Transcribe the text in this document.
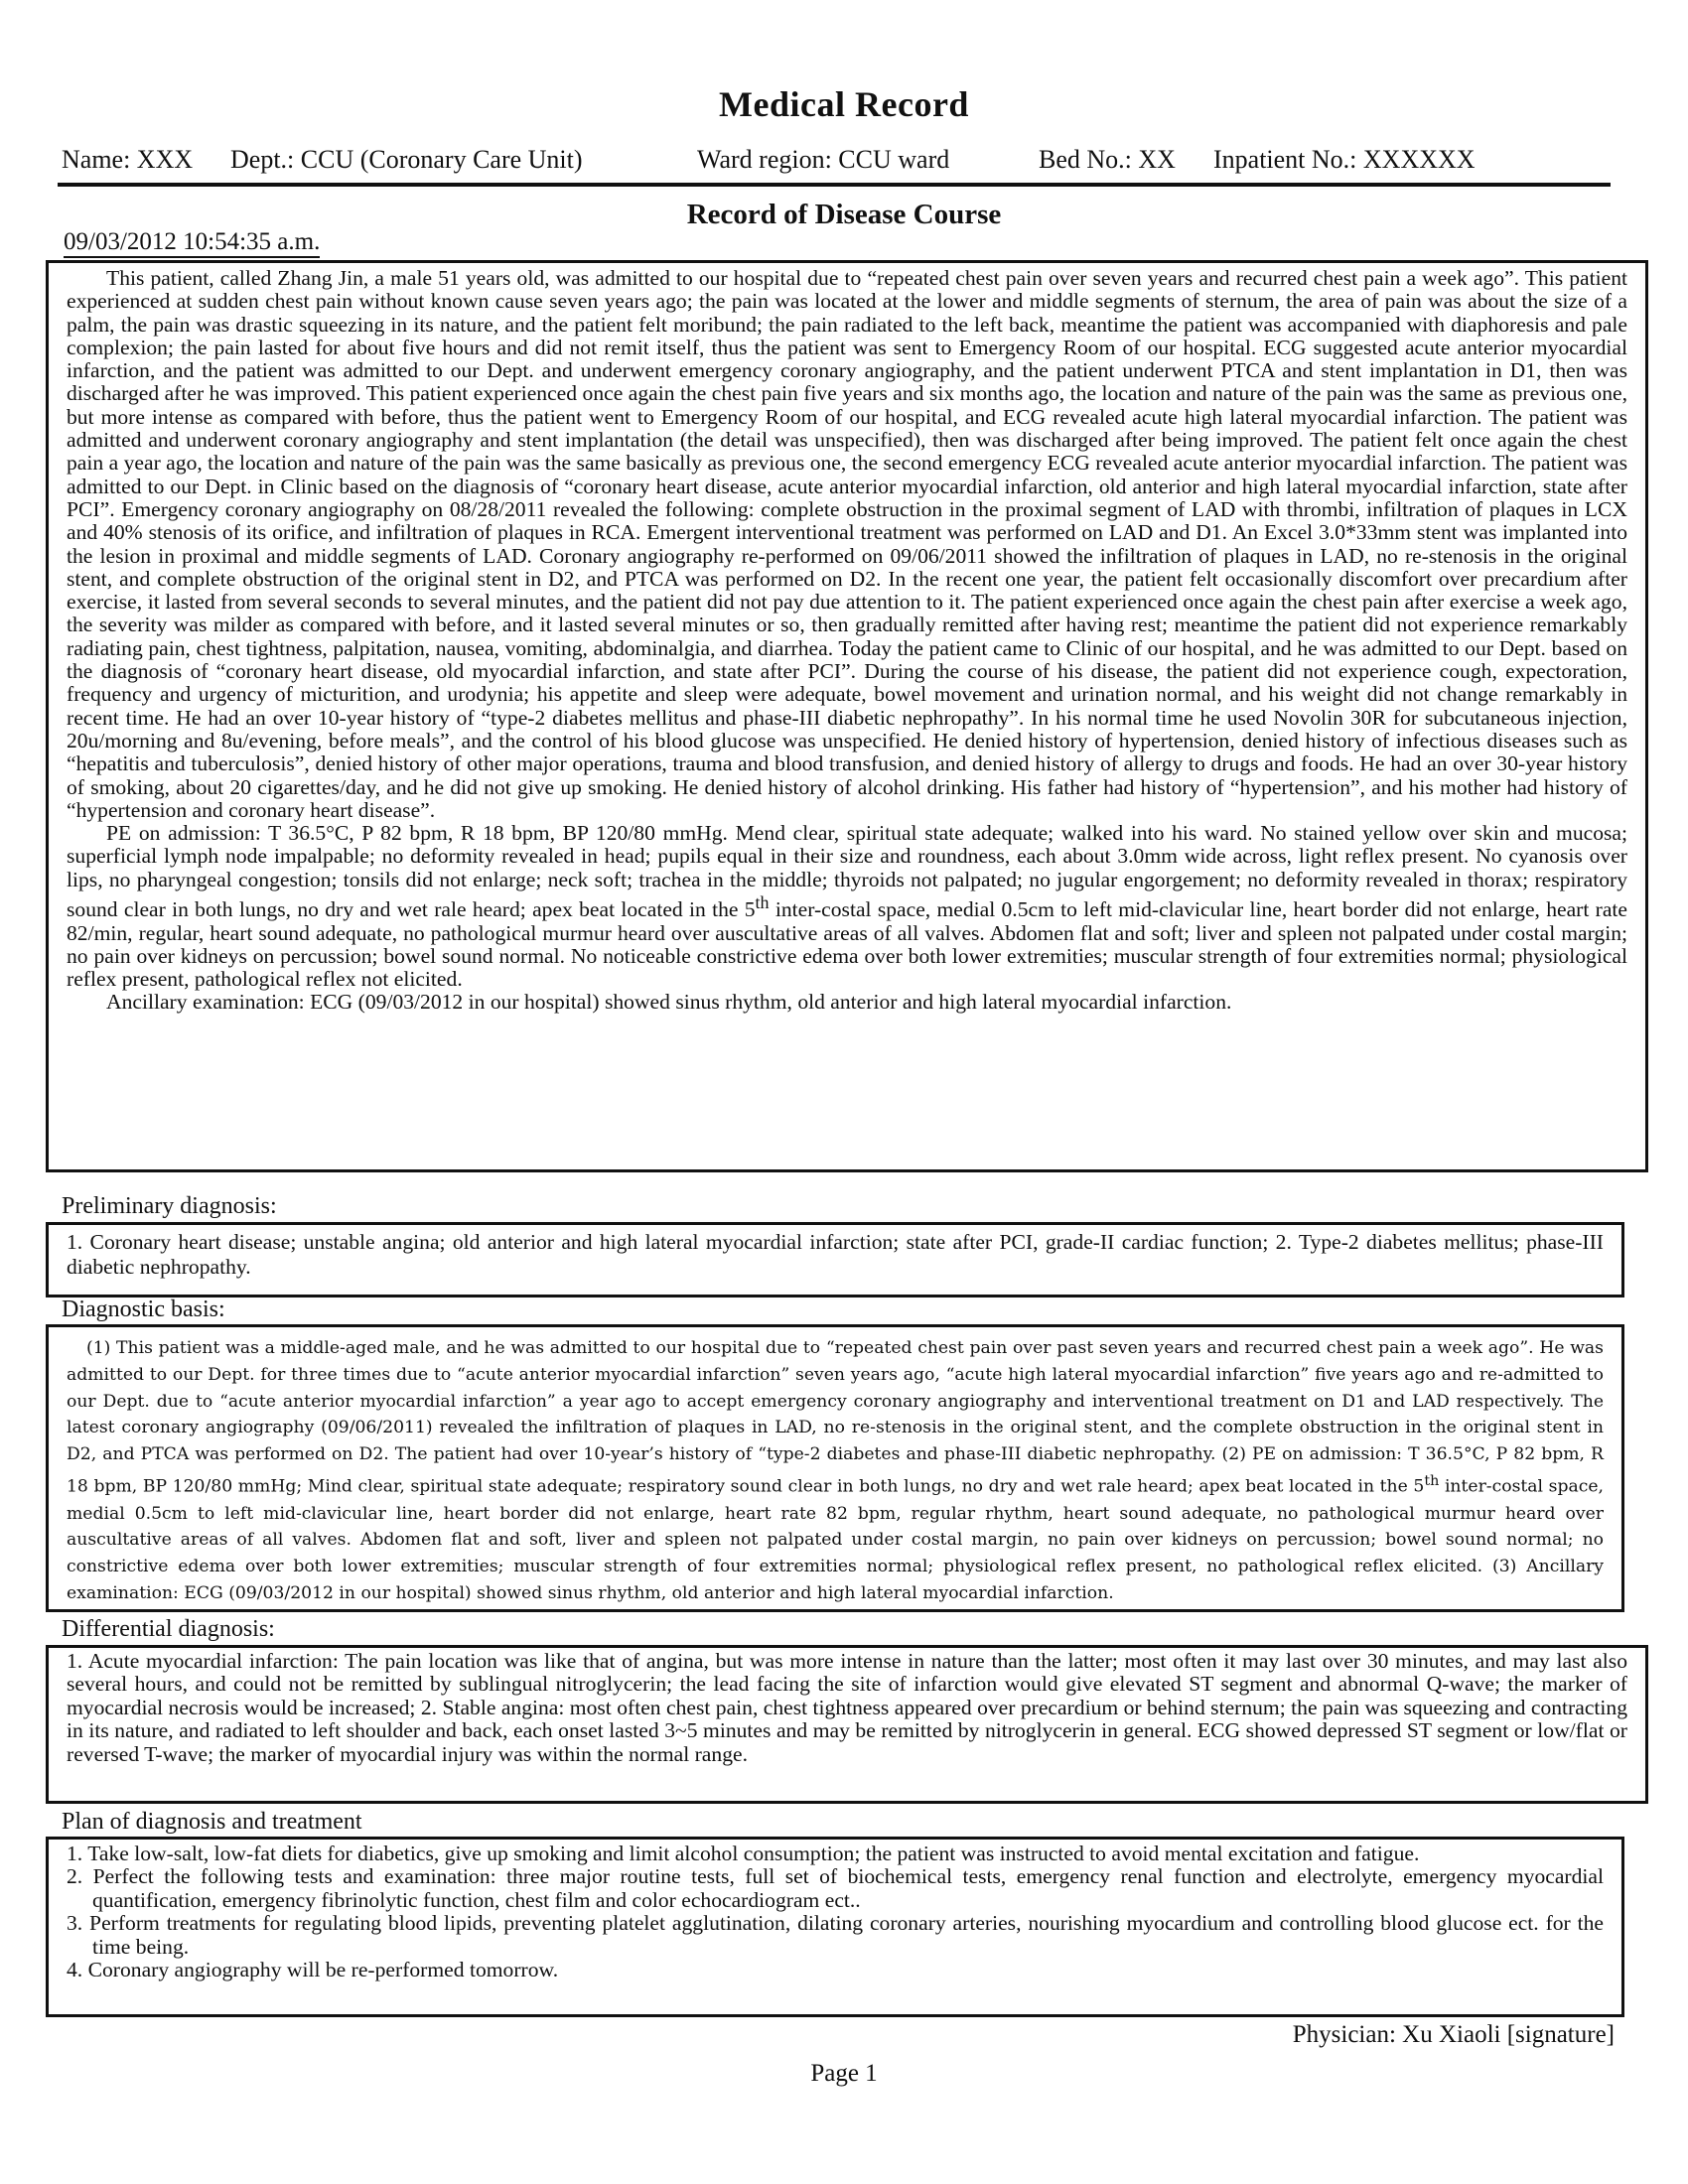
Medical Record
Name: XXX Dept.: CCU (Coronary Care Unit)	Ward region: CCU ward	Bed No.: XX Inpatient No.: XXXXXX
Record of Disease Course
09/03/2012 10:54:35 a.m.

This patient, called Zhang Jin, a male 51 years old, was admitted to our hospital due to “repeated chest pain over seven years and recurred chest pain a week ago”. This patient experienced at sudden chest pain without known cause seven years ago; the pain was located at the lower and middle segments of sternum, the area of pain was about the size of a palm, the pain was drastic squeezing in its nature, and the patient felt moribund; the pain radiated to the left back, meantime the patient was accompanied with diaphoresis and pale complexion; the pain lasted for about five hours and did not remit itself, thus the patient was sent to Emergency Room of our hospital. ECG suggested acute anterior myocardial infarction, and the patient was admitted to our Dept. and underwent emergency coronary angiography, and the patient underwent PTCA and stent implantation in D1, then was discharged after he was improved. This patient experienced once again the chest pain five years and six months ago, the location and nature of the pain was the same as previous one, but more intense as compared with before, thus the patient went to Emergency Room of our hospital, and ECG revealed acute high lateral myocardial infarction. The patient was admitted and underwent coronary angiography and stent implantation (the detail was unspecified), then was discharged after being improved. The patient felt once again the chest pain a year ago, the location and nature of the pain was the same basically as previous one, the second emergency ECG revealed acute anterior myocardial infarction. The patient was admitted to our Dept. in Clinic based on the diagnosis of “coronary heart disease, acute anterior myocardial infarction, old anterior and high lateral myocardial infarction, state after PCI”. Emergency coronary angiography on 08/28/2011 revealed the following: complete obstruction in the proximal segment of LAD with thrombi, infiltration of plaques in LCX and 40% stenosis of its orifice, and infiltration of plaques in RCA. Emergent interventional treatment was performed on LAD and D1. An Excel 3.0*33mm stent was implanted into the lesion in proximal and middle segments of LAD. Coronary angiography re-performed on 09/06/2011 showed the infiltration of plaques in LAD, no re-stenosis in the original stent, and complete obstruction of the original stent in D2, and PTCA was performed on D2. In the recent one year, the patient felt occasionally discomfort over precardium after exercise, it lasted from several seconds to several minutes, and the patient did not pay due attention to it. The patient experienced once again the chest pain after exercise a week ago, the severity was milder as compared with before, and it lasted several minutes or so, then gradually remitted after having rest; meantime the patient did not experience remarkably radiating pain, chest tightness, palpitation, nausea, vomiting, abdominalgia, and diarrhea. Today the patient came to Clinic of our hospital, and he was admitted to our Dept. based on the diagnosis of “coronary heart disease, old myocardial infarction, and state after PCI”. During the course of his disease, the patient did not experience cough, expectoration, frequency and urgency of micturition, and urodynia; his appetite and sleep were adequate, bowel movement and urination normal, and his weight did not change remarkably in recent time. He had an over 10-year history of “type-2 diabetes mellitus and phase-III diabetic nephropathy”. In his normal time he used Novolin 30R for subcutaneous injection, 20u/morning and 8u/evening, before meals”, and the control of his blood glucose was unspecified. He denied history of hypertension, denied history of infectious diseases such as “hepatitis and tuberculosis”, denied history of other major operations, trauma and blood transfusion, and denied history of allergy to drugs and foods. He had an over 30-year history of smoking, about 20 cigarettes/day, and he did not give up smoking. He denied history of alcohol drinking. His father had history of “hypertension”, and his mother had history of “hypertension and coronary heart disease”.

PE on admission: T 36.5°C, P 82 bpm, R 18 bpm, BP 120/80 mmHg. Mend clear, spiritual state adequate; walked into his ward. No stained yellow over skin and mucosa; superficial lymph node impalpable; no deformity revealed in head; pupils equal in their size and roundness, each about 3.0mm wide across, light reflex present. No cyanosis over lips, no pharyngeal congestion; tonsils did not enlarge; neck soft; trachea in the middle; thyroids not palpated; no jugular engorgement; no deformity revealed in thorax; respiratory sound clear in both lungs, no dry and wet rale heard; apex beat located in the 5th inter-costal space, medial 0.5cm to left mid-clavicular line, heart border did not enlarge, heart rate 82/min, regular, heart sound adequate, no pathological murmur heard over auscultative areas of all valves. Abdomen flat and soft; liver and spleen not palpated under costal margin; no pain over kidneys on percussion; bowel sound normal. No noticeable constrictive edema over both lower extremities; muscular strength of four extremities normal; physiological reflex present, pathological reflex not elicited.

Ancillary examination: ECG (09/03/2012 in our hospital) showed sinus rhythm, old anterior and high lateral myocardial infarction.

Preliminary diagnosis:

1. Coronary heart disease; unstable angina; old anterior and high lateral myocardial infarction; state after PCI, grade-II cardiac function; 2. Type-2 diabetes mellitus; phase-III diabetic nephropathy.

Diagnostic basis:

(1) This patient was a middle-aged male, and he was admitted to our hospital due to “repeated chest pain over past seven years and recurred chest pain a week ago”. He was admitted to our Dept. for three times due to “acute anterior myocardial infarction” seven years ago, “acute high lateral myocardial infarction” five years ago and re-admitted to our Dept. due to “acute anterior myocardial infarction” a year ago to accept emergency coronary angiography and interventional treatment on D1 and LAD respectively. The latest coronary angiography (09/06/2011) revealed the infiltration of plaques in LAD, no re-stenosis in the original stent, and the complete obstruction in the original stent in D2, and PTCA was performed on D2. The patient had over 10-year’s history of “type-2 diabetes and phase-III diabetic nephropathy. (2) PE on admission: T 36.5°C, P 82 bpm, R 18 bpm, BP 120/80 mmHg; Mind clear, spiritual state adequate; respiratory sound clear in both lungs, no dry and wet rale heard; apex beat located in the 5th inter-costal space, medial 0.5cm to left mid-clavicular line, heart border did not enlarge, heart rate 82 bpm, regular rhythm, heart sound adequate, no pathological murmur heard over auscultative areas of all valves. Abdomen flat and soft, liver and spleen not palpated under costal margin, no pain over kidneys on percussion; bowel sound normal; no constrictive edema over both lower extremities; muscular strength of four extremities normal; physiological reflex present, no pathological reflex elicited. (3) Ancillary examination: ECG (09/03/2012 in our hospital) showed sinus rhythm, old anterior and high lateral myocardial infarction.

Differential diagnosis:

1. Acute myocardial infarction: The pain location was like that of angina, but was more intense in nature than the latter; most often it may last over 30 minutes, and may last also several hours, and could not be remitted by sublingual nitroglycerin; the lead facing the site of infarction would give elevated ST segment and abnormal Q-wave; the marker of myocardial necrosis would be increased; 2. Stable angina: most often chest pain, chest tightness appeared over precardium or behind sternum; the pain was squeezing and contracting in its nature, and radiated to left shoulder and back, each onset lasted 3~5 minutes and may be remitted by nitroglycerin in general. ECG showed depressed ST segment or low/flat or reversed T-wave; the marker of myocardial injury was within the normal range.

Plan of diagnosis and treatment
1. Take low-salt, low-fat diets for diabetics, give up smoking and limit alcohol consumption; the patient was instructed to avoid mental excitation and fatigue.
2. Perfect the following tests and examination: three major routine tests, full set of biochemical tests, emergency renal function and electrolyte, emergency myocardial quantification, emergency fibrinolytic function, chest film and color echocardiogram ect..
3. Perform treatments for regulating blood lipids, preventing platelet agglutination, dilating coronary arteries, nourishing myocardium and controlling blood glucose ect. for the time being.
4. Coronary angiography will be re-performed tomorrow.
Physician: Xu Xiaoli [signature]
Page 1
